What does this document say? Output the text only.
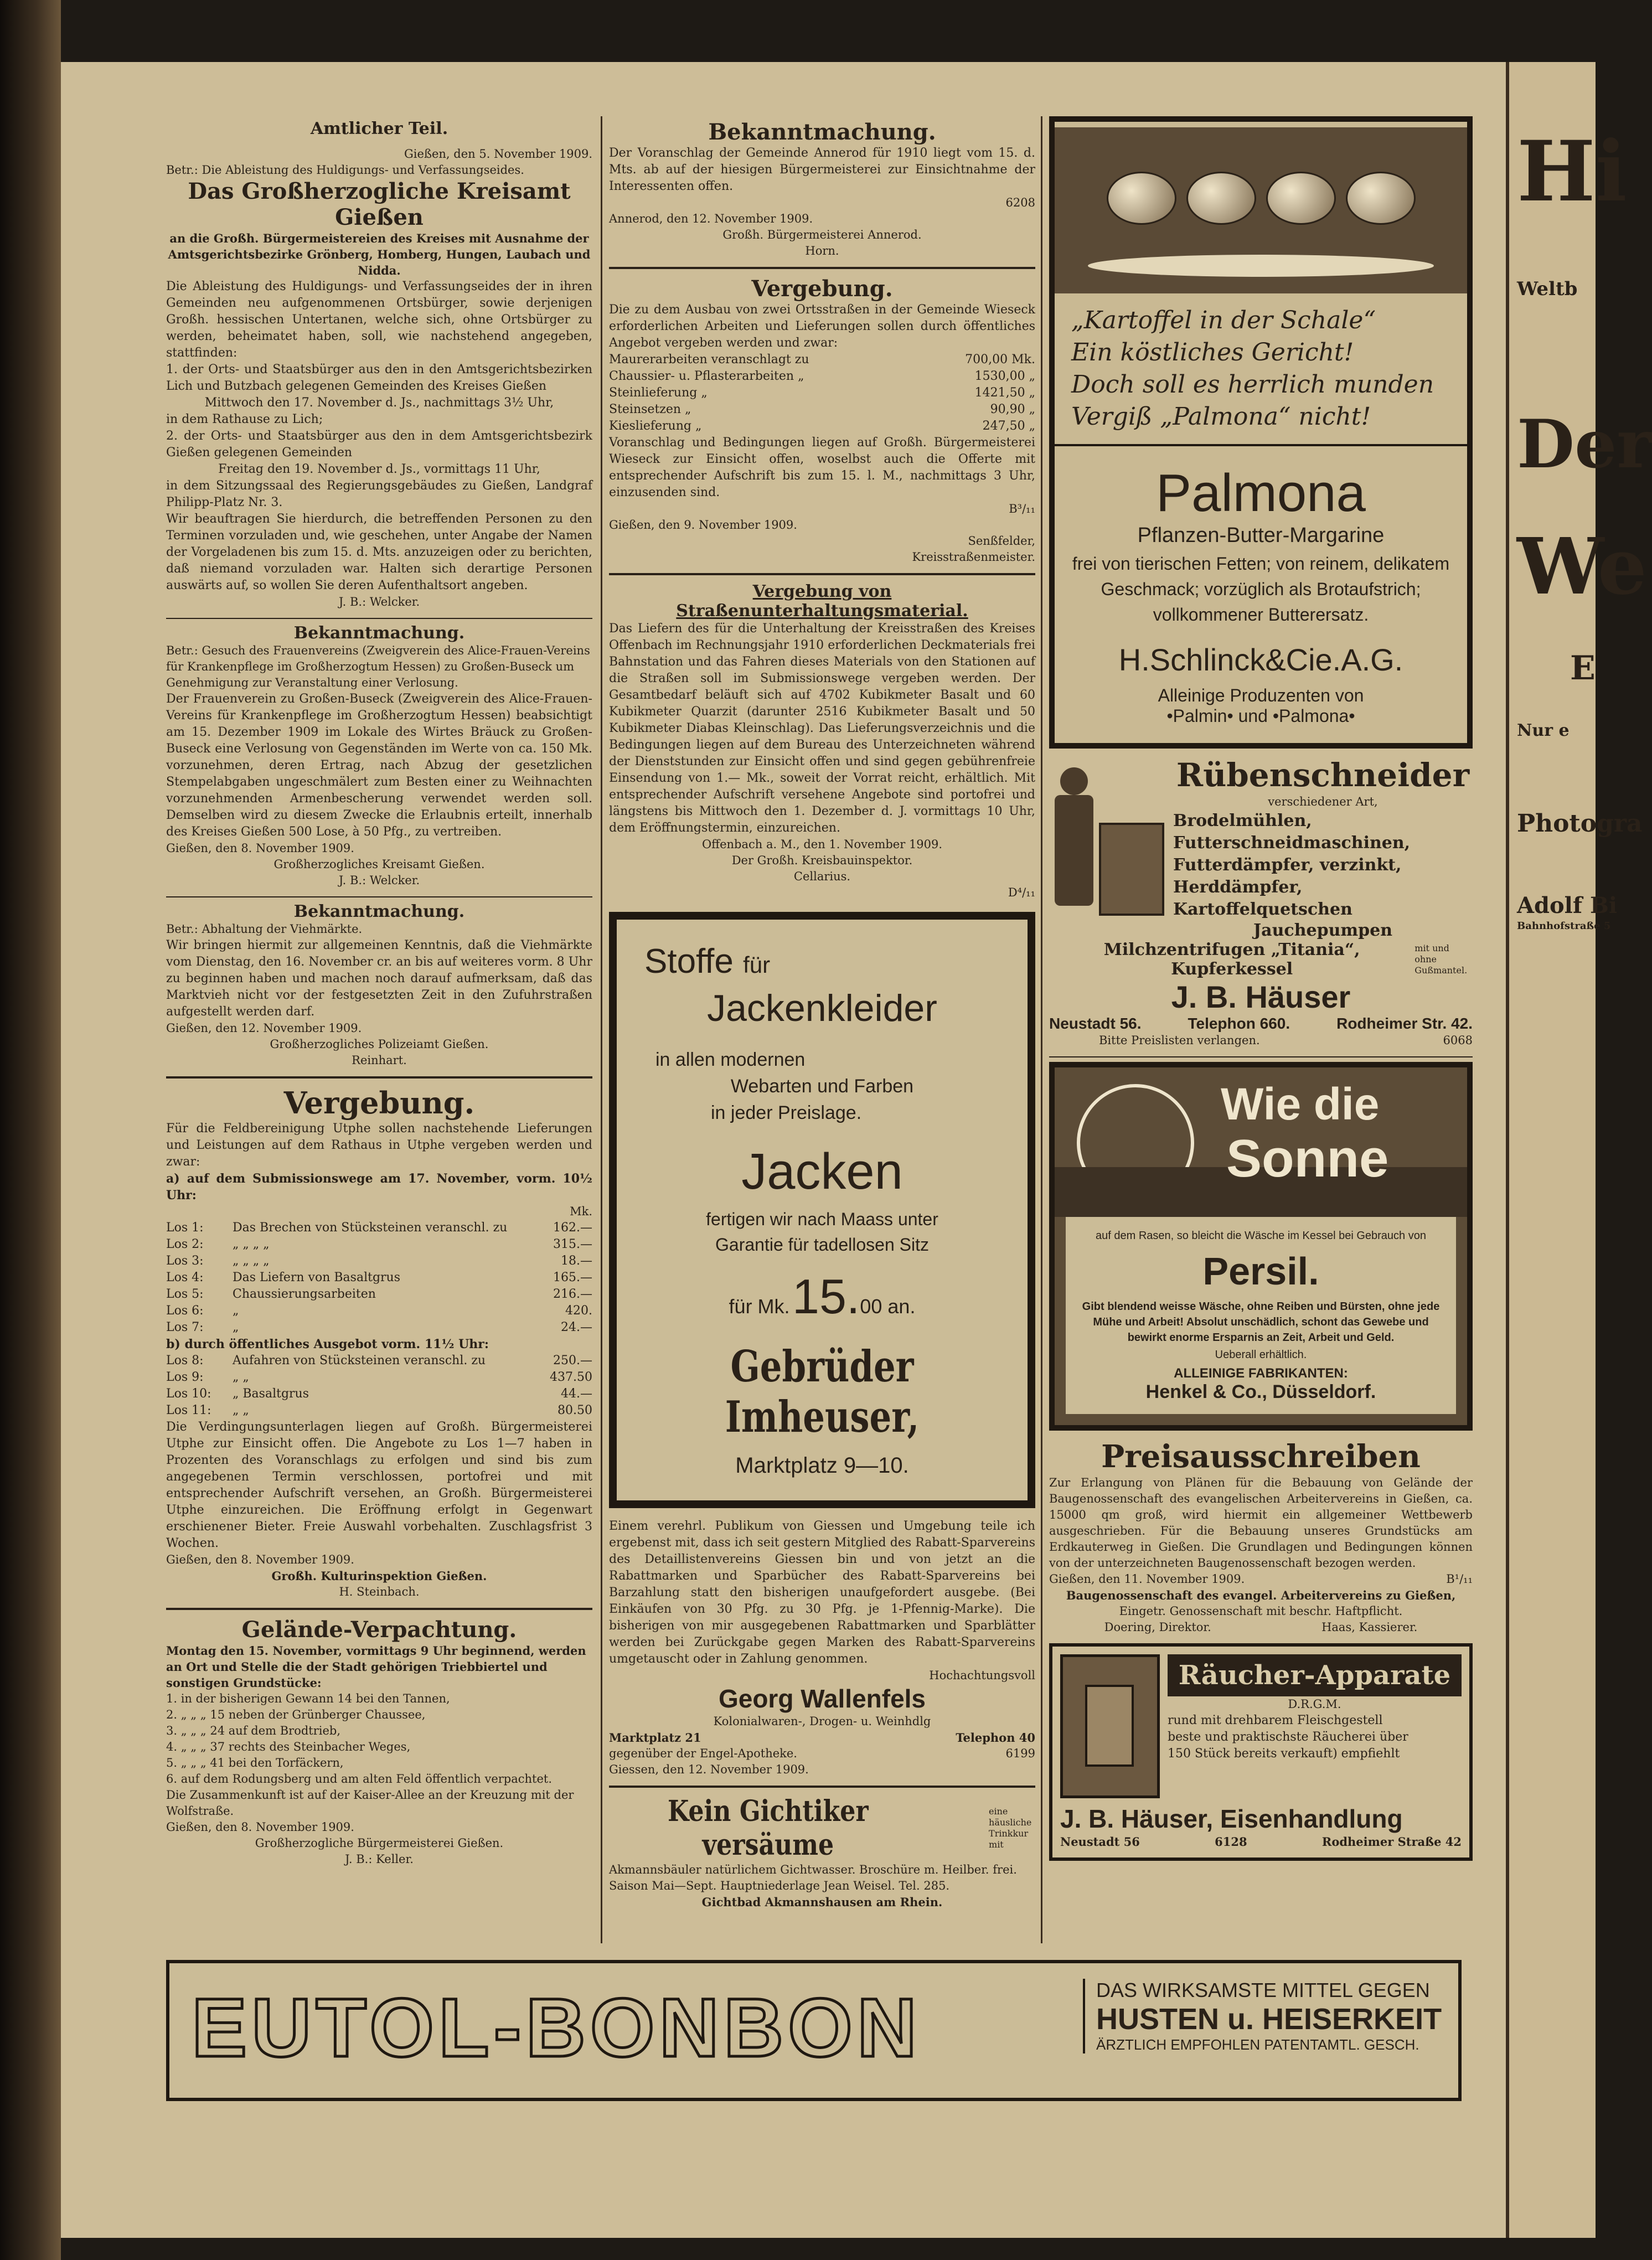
Amtlicher Teil.
Gießen, den 5. November 1909.
Betr.: Die Ableistung des Huldigungs- und Verfassungseides.
Das Großherzogliche Kreisamt Gießen
an die Großh. Bürgermeistereien des Kreises mit Ausnahme der Amtsgerichtsbezirke Grönberg, Homberg, Hungen, Laubach und Nidda.
Die Ableistung des Huldigungs- und Verfassungseides der in ihren Gemeinden neu aufgenommenen Ortsbürger, sowie derjenigen Großh. hessischen Untertanen, welche sich, ohne Ortsbürger zu werden, beheimatet haben, soll, wie nachstehend angegeben, stattfinden:
1. der Orts- und Staatsbürger aus den in den Amtsgerichtsbezirken Lich und Butzbach gelegenen Gemeinden des Kreises Gießen
Mittwoch den 17. November d. Js., nachmittags 3½ Uhr,
in dem Rathause zu Lich;
2. der Orts- und Staatsbürger aus den in dem Amtsgerichtsbezirk Gießen gelegenen Gemeinden
Freitag den 19. November d. Js., vormittags 11 Uhr,
in dem Sitzungssaal des Regierungsgebäudes zu Gießen, Landgraf Philipp-Platz Nr. 3.
Wir beauftragen Sie hierdurch, die betreffenden Personen zu den Terminen vorzuladen und, wie geschehen, unter Angabe der Namen der Vorgeladenen bis zum 15. d. Mts. anzuzeigen oder zu berichten, daß niemand vorzuladen war. Halten sich derartige Personen auswärts auf, so wollen Sie deren Aufenthaltsort angeben.
J. B.: Welcker.
Bekanntmachung.
Betr.: Gesuch des Frauenvereins (Zweigverein des Alice-Frauen-Vereins für Krankenpflege im Großherzogtum Hessen) zu Großen-Buseck um Genehmigung zur Veranstaltung einer Verlosung.
Der Frauenverein zu Großen-Buseck (Zweigverein des Alice-Frauen-Vereins für Krankenpflege im Großherzogtum Hessen) beabsichtigt am 15. Dezember 1909 im Lokale des Wirtes Bräuck zu Großen-Buseck eine Verlosung von Gegenständen im Werte von ca. 150 Mk. vorzunehmen, deren Ertrag, nach Abzug der gesetzlichen Stempelabgaben ungeschmälert zum Besten einer zu Weihnachten vorzunehmenden Armenbescherung verwendet werden soll. Demselben wird zu diesem Zwecke die Erlaubnis erteilt, innerhalb des Kreises Gießen 500 Lose, à 50 Pfg., zu vertreiben.
Gießen, den 8. November 1909.
Großherzogliches Kreisamt Gießen.
J. B.: Welcker.
Bekanntmachung.
Betr.: Abhaltung der Viehmärkte.
Wir bringen hiermit zur allgemeinen Kenntnis, daß die Viehmärkte vom Dienstag, den 16. November cr. an bis auf weiteres vorm. 8 Uhr zu beginnen haben und machen noch darauf aufmerksam, daß das Marktvieh nicht vor der festgesetzten Zeit in den Zufuhrstraßen aufgestellt werden darf.
Gießen, den 12. November 1909.
Großherzogliches Polizeiamt Gießen.
Reinhart.
Vergebung.
Für die Feldbereinigung Utphe sollen nachstehende Lieferungen und Leistungen auf dem Rathaus in Utphe vergeben werden und zwar:
a) auf dem Submissionswege am 17. November, vorm. 10½ Uhr:
Mk.
Los 1:	Das Brechen von Stücksteinen veranschl. zu	162.—
Los 2:	„ „ „ „	315.—
Los 3:	„ „ „ „	18.—
Los 4:	Das Liefern von Basaltgrus	165.—
Los 5:	Chaussierungsarbeiten	216.—
Los 6:	„	420.
Los 7:	„	24.—
b) durch öffentliches Ausgebot vorm. 11½ Uhr:
Los 8:	Aufahren von Stücksteinen veranschl. zu	250.—
Los 9:	„ „	437.50
Los 10:	„ Basaltgrus	44.—
Los 11:	„ „	80.50
Die Verdingungsunterlagen liegen auf Großh. Bürgermeisterei Utphe zur Einsicht offen. Die Angebote zu Los 1—7 haben in Prozenten des Voranschlags zu erfolgen und sind bis zum angegebenen Termin verschlossen, portofrei und mit entsprechender Aufschrift versehen, an Großh. Bürgermeisterei Utphe einzureichen. Die Eröffnung erfolgt in Gegenwart erschienener Bieter. Freie Auswahl vorbehalten. Zuschlagsfrist 3 Wochen.
Gießen, den 8. November 1909.
Großh. Kulturinspektion Gießen.
H. Steinbach.
Gelände-Verpachtung.
Montag den 15. November, vormittags 9 Uhr beginnend, werden an Ort und Stelle die der Stadt gehörigen Triebbiertel und sonstigen Grundstücke:
1. in der bisherigen Gewann 14 bei den Tannen,
2. „ „ „ 15 neben der Grünberger Chaussee,
3. „ „ „ 24 auf dem Brodtrieb,
4. „ „ „ 37 rechts des Steinbacher Weges,
5. „ „ „ 41 bei den Torfäckern,
6. auf dem Rodungsberg und am alten Feld öffentlich verpachtet.
Die Zusammenkunft ist auf der Kaiser-Allee an der Kreuzung mit der Wolfstraße.
Gießen, den 8. November 1909.
Großherzogliche Bürgermeisterei Gießen.
J. B.: Keller.
Bekanntmachung.
Der Voranschlag der Gemeinde Annerod für 1910 liegt vom 15. d. Mts. ab auf der hiesigen Bürgermeisterei zur Einsichtnahme der Interessenten offen.
6208
Annerod, den 12. November 1909.
Großh. Bürgermeisterei Annerod.
Horn.
Vergebung.
Die zu dem Ausbau von zwei Ortsstraßen in der Gemeinde Wieseck erforderlichen Arbeiten und Lieferungen sollen durch öffentliches Angebot vergeben werden und zwar:
Maurerarbeiten veranschlagt zu	700,00 Mk.
Chaussier- u. Pflasterarbeiten „	1530,00 „
Steinlieferung „	1421,50 „
Steinsetzen „	90,90 „
Kieslieferung „	247,50 „
Voranschlag und Bedingungen liegen auf Großh. Bürgermeisterei Wieseck zur Einsicht offen, woselbst auch die Offerte mit entsprechender Aufschrift bis zum 15. l. M., nachmittags 3 Uhr, einzusenden sind.
B³/₁₁
Gießen, den 9. November 1909.
Senßfelder,
Kreisstraßenmeister.
Vergebung von Straßenunterhaltungsmaterial.
Das Liefern des für die Unterhaltung der Kreisstraßen des Kreises Offenbach im Rechnungsjahr 1910 erforderlichen Deckmaterials frei Bahnstation und das Fahren dieses Materials von den Stationen auf die Straßen soll im Submissionswege vergeben werden. Der Gesamtbedarf beläuft sich auf 4702 Kubikmeter Basalt und 60 Kubikmeter Quarzit (darunter 2516 Kubikmeter Basalt und 50 Kubikmeter Diabas Kleinschlag). Das Lieferungsverzeichnis und die Bedingungen liegen auf dem Bureau des Unterzeichneten während der Dienststunden zur Einsicht offen und sind gegen gebührenfreie Einsendung von 1.— Mk., soweit der Vorrat reicht, erhältlich. Mit entsprechender Aufschrift versehene Angebote sind portofrei und längstens bis Mittwoch den 1. Dezember d. J. vormittags 10 Uhr, dem Eröffnungstermin, einzureichen.
Offenbach a. M., den 1. November 1909.
Der Großh. Kreisbauinspektor.
Cellarius.
D⁴/₁₁
Stoffe für
Jackenkleider
in allen modernen
Webarten und Farben
in jeder Preislage.
Jacken
fertigen wir nach Maass unter
Garantie für tadellosen Sitz
für Mk. 15.00 an.
Gebrüder Imheuser,
Marktplatz 9—10.
Einem verehrl. Publikum von Giessen und Umgebung teile ich ergebenst mit, dass ich seit gestern Mitglied des Rabatt-Sparvereins des Detaillistenvereins Giessen bin und von jetzt an die Rabattmarken und Sparbücher des Rabatt-Sparvereins bei Barzahlung statt den bisherigen unaufgefordert ausgebe. (Bei Einkäufen von 30 Pfg. zu 30 Pfg. je 1-Pfennig-Marke). Die bisherigen von mir ausgegebenen Rabattmarken und Sparblätter werden bei Zurückgabe gegen Marken des Rabatt-Sparvereins umgetauscht oder in Zahlung genommen.
Hochachtungsvoll
Georg Wallenfels
Kolonialwaren-, Drogen- u. Weinhdlg
Marktplatz 21	Telephon 40
gegenüber der Engel-Apotheke.	6199
Giessen, den 12. November 1909.
Kein Gichtiker versäume
eine häusliche Trinkkur mit
Akmannsbäuler natürlichem Gichtwasser. Broschüre m. Heilber. frei. Saison Mai—Sept. Hauptniederlage Jean Weisel. Tel. 285.
Gichtbad Akmannshausen am Rhein.
„Kartoffel in der Schale“
Ein köstliches Gericht!
Doch soll es herrlich munden
Vergiß „Palmona“ nicht!
Palmona
Pflanzen-Butter-Margarine
frei von tierischen Fetten; von reinem, delikatem Geschmack; vorzüglich als Brotaufstrich; vollkommener Butterersatz.
H.Schlinck&Cie.A.G.
Alleinige Produzenten von
•Palmin• und •Palmona•
Rübenschneider
verschiedener Art,
Brodelmühlen, Futterschneidmaschinen, Futterdämpfer, verzinkt, Herddämpfer, Kartoffelquetschen
Jauchepumpen
Milchzentrifugen „Titania“, Kupferkessel
mit und ohne Gußmantel.
J. B. Häuser
Neustadt 56.	Telephon 660.	Rodheimer Str. 42.
Bitte Preislisten verlangen.	6068
Wie die
Sonne
auf dem Rasen, so bleicht die Wäsche im Kessel bei Gebrauch von
Persil.
Gibt blendend weisse Wäsche, ohne Reiben und Bürsten, ohne jede Mühe und Arbeit! Absolut unschädlich, schont das Gewebe und bewirkt enorme Ersparnis an Zeit, Arbeit und Geld.
Ueberall erhältlich.
ALLEINIGE FABRIKANTEN:
Henkel & Co., Düsseldorf.
Preisausschreiben
Zur Erlangung von Plänen für die Bebauung von Gelände der Baugenossenschaft des evangelischen Arbeitervereins in Gießen, ca. 15000 qm groß, wird hiermit ein allgemeiner Wettbewerb ausgeschrieben. Für die Bebauung unseres Grundstücks am Erdkauterweg in Gießen. Die Grundlagen und Bedingungen können von der unterzeichneten Baugenossenschaft bezogen werden.
Gießen, den 11. November 1909.	B¹/₁₁
Baugenossenschaft des evangel. Arbeitervereins zu Gießen,
Eingetr. Genossenschaft mit beschr. Haftpflicht.
Doering, Direktor.	Haas, Kassierer.
Räucher-Apparate
D.R.G.M.
rund mit drehbarem Fleischgestell
beste und praktischste Räucherei über
150 Stück bereits verkauft) empfiehlt
J. B. Häuser, Eisenhandlung
Neustadt 56	6128	Rodheimer Straße 42
EUTOL-BONBON	DAS WIRKSAMSTE MITTEL GEGEN
HUSTEN u. HEISERKEIT
ÄRZTLICH EMPFOHLEN PATENTAMTL. GESCH.
Hi
Weltb
Der
We
E
Nur e
Photogra
Adolf Bi
Bahnhofstraße 5
